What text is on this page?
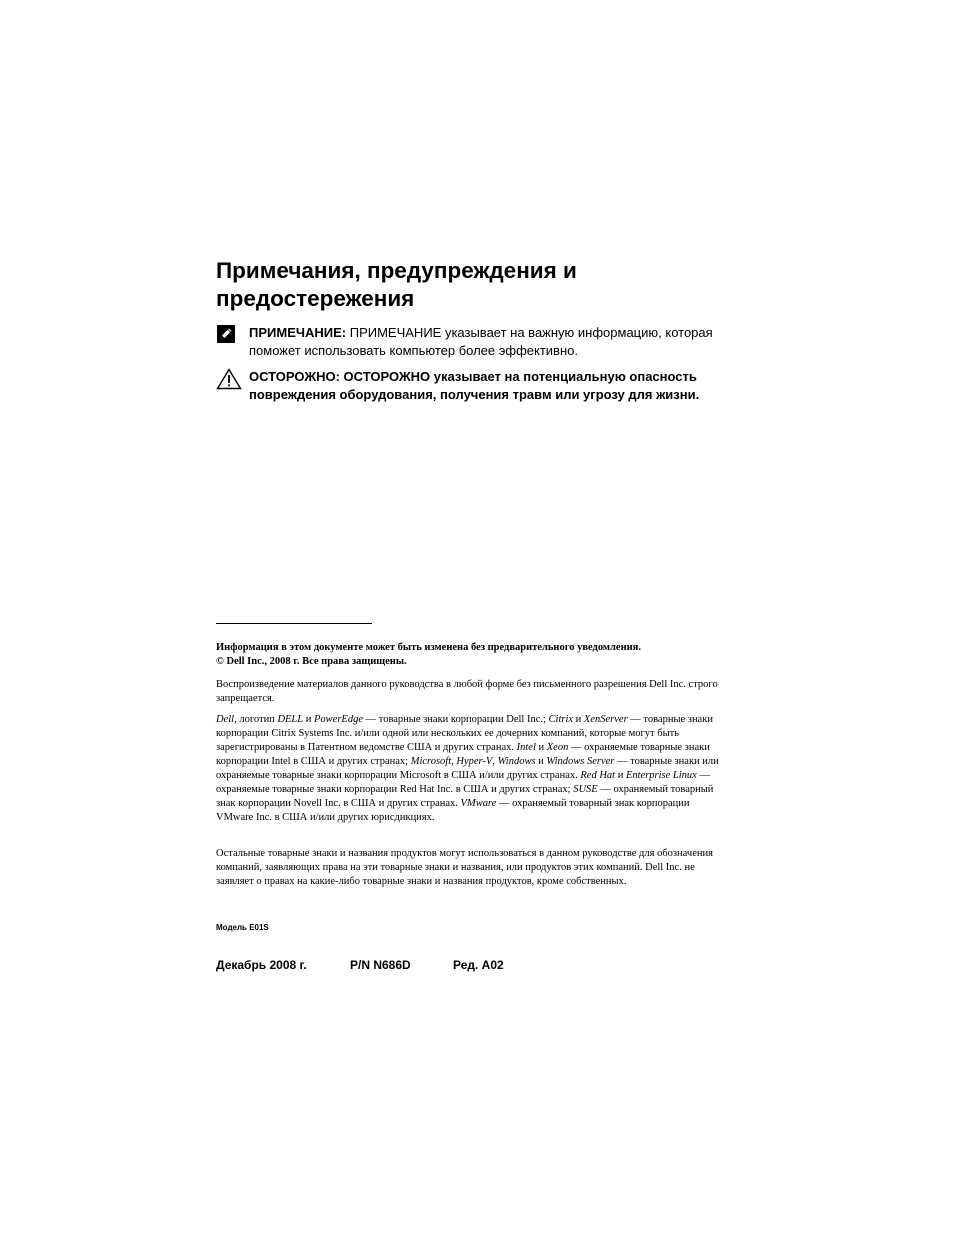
Примечания, предупреждения и
предостережения
ПРИМЕЧАНИЕ: ПРИМЕЧАНИЕ указывает на важную информацию, которая поможет использовать компьютер более эффективно.
ОСТОРОЖНО: ОСТОРОЖНО указывает на потенциальную опасность повреждения оборудования, получения травм или угрозу для жизни.

Информация в этом документе может быть изменена без предварительного уведомления.
© Dell Inc., 2008 г. Все права защищены.

Воспроизведение материалов данного руководства в любой форме без письменного разрешения Dell Inc. строго запрещается.

Dell, логотип DELL и PowerEdge — товарные знаки корпорации Dell Inc.; Citrix и XenServer — товарные знаки корпорации Citrix Systems Inc. и/или одной или нескольких ее дочерних компаний, которые могут быть зарегистрированы в Патентном ведомстве США и других странах. Intel и Xeon — охраняемые товарные знаки корпорации Intel в США и других странах; Microsoft, Hyper-V, Windows и Windows Server — товарные знаки или охраняемые товарные знаки корпорации Microsoft в США и/или других странах. Red Hat и Enterprise Linux — охраняемые товарные знаки корпорации Red Hat Inc. в США и других странах; SUSE — охраняемый товарный знак корпорации Novell Inc. в США и других странах. VMware — охраняемый товарный знак корпорации VMware Inc. в США и/или других юрисдикциях.

Остальные товарные знаки и названия продуктов могут использоваться в данном руководстве для обозначения компаний, заявляющих права на эти товарные знаки и названия, или продуктов этих компаний. Dell Inc. не заявляет о правах на какие-либо товарные знаки и названия продуктов, кроме собственных.

Модель E01S
Декабрь 2008 г.	P/N N686D	Ред. A02
